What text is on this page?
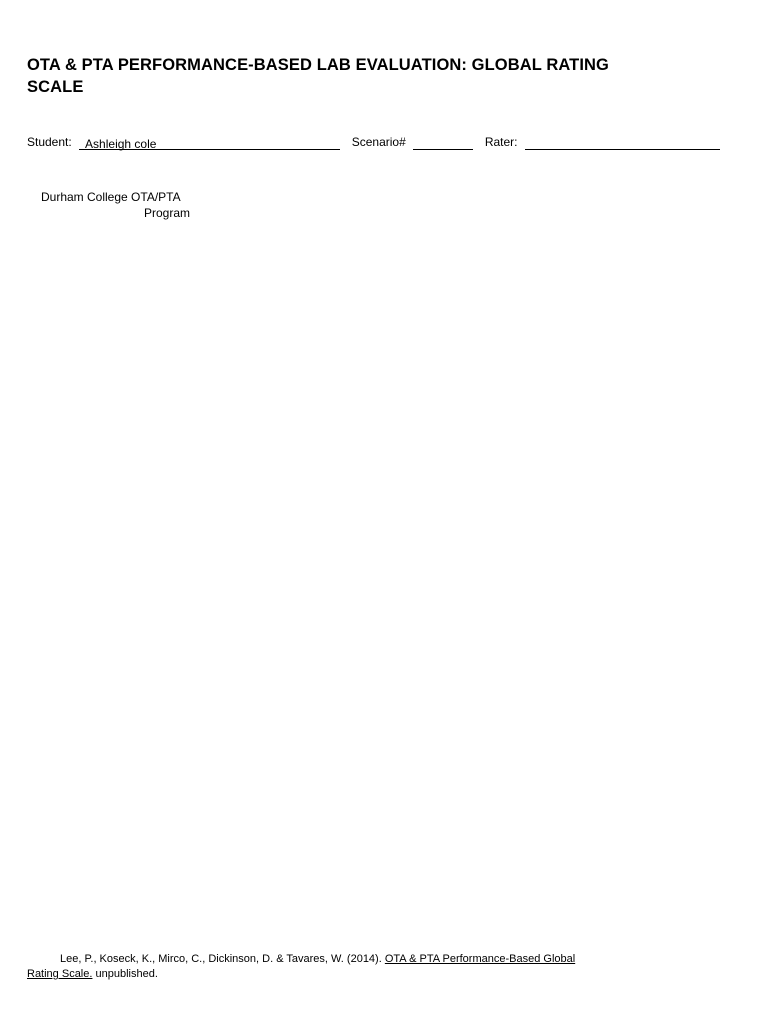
OTA & PTA PERFORMANCE-BASED LAB EVALUATION: GLOBAL RATING
SCALE
Student: Ashleigh cole	Scenario#	Rater:
Durham College OTA/PTA
Program
Lee, P., Koseck, K., Mirco, C., Dickinson, D. & Tavares, W. (2014). OTA & PTA Performance-Based Global
Rating Scale. unpublished.
